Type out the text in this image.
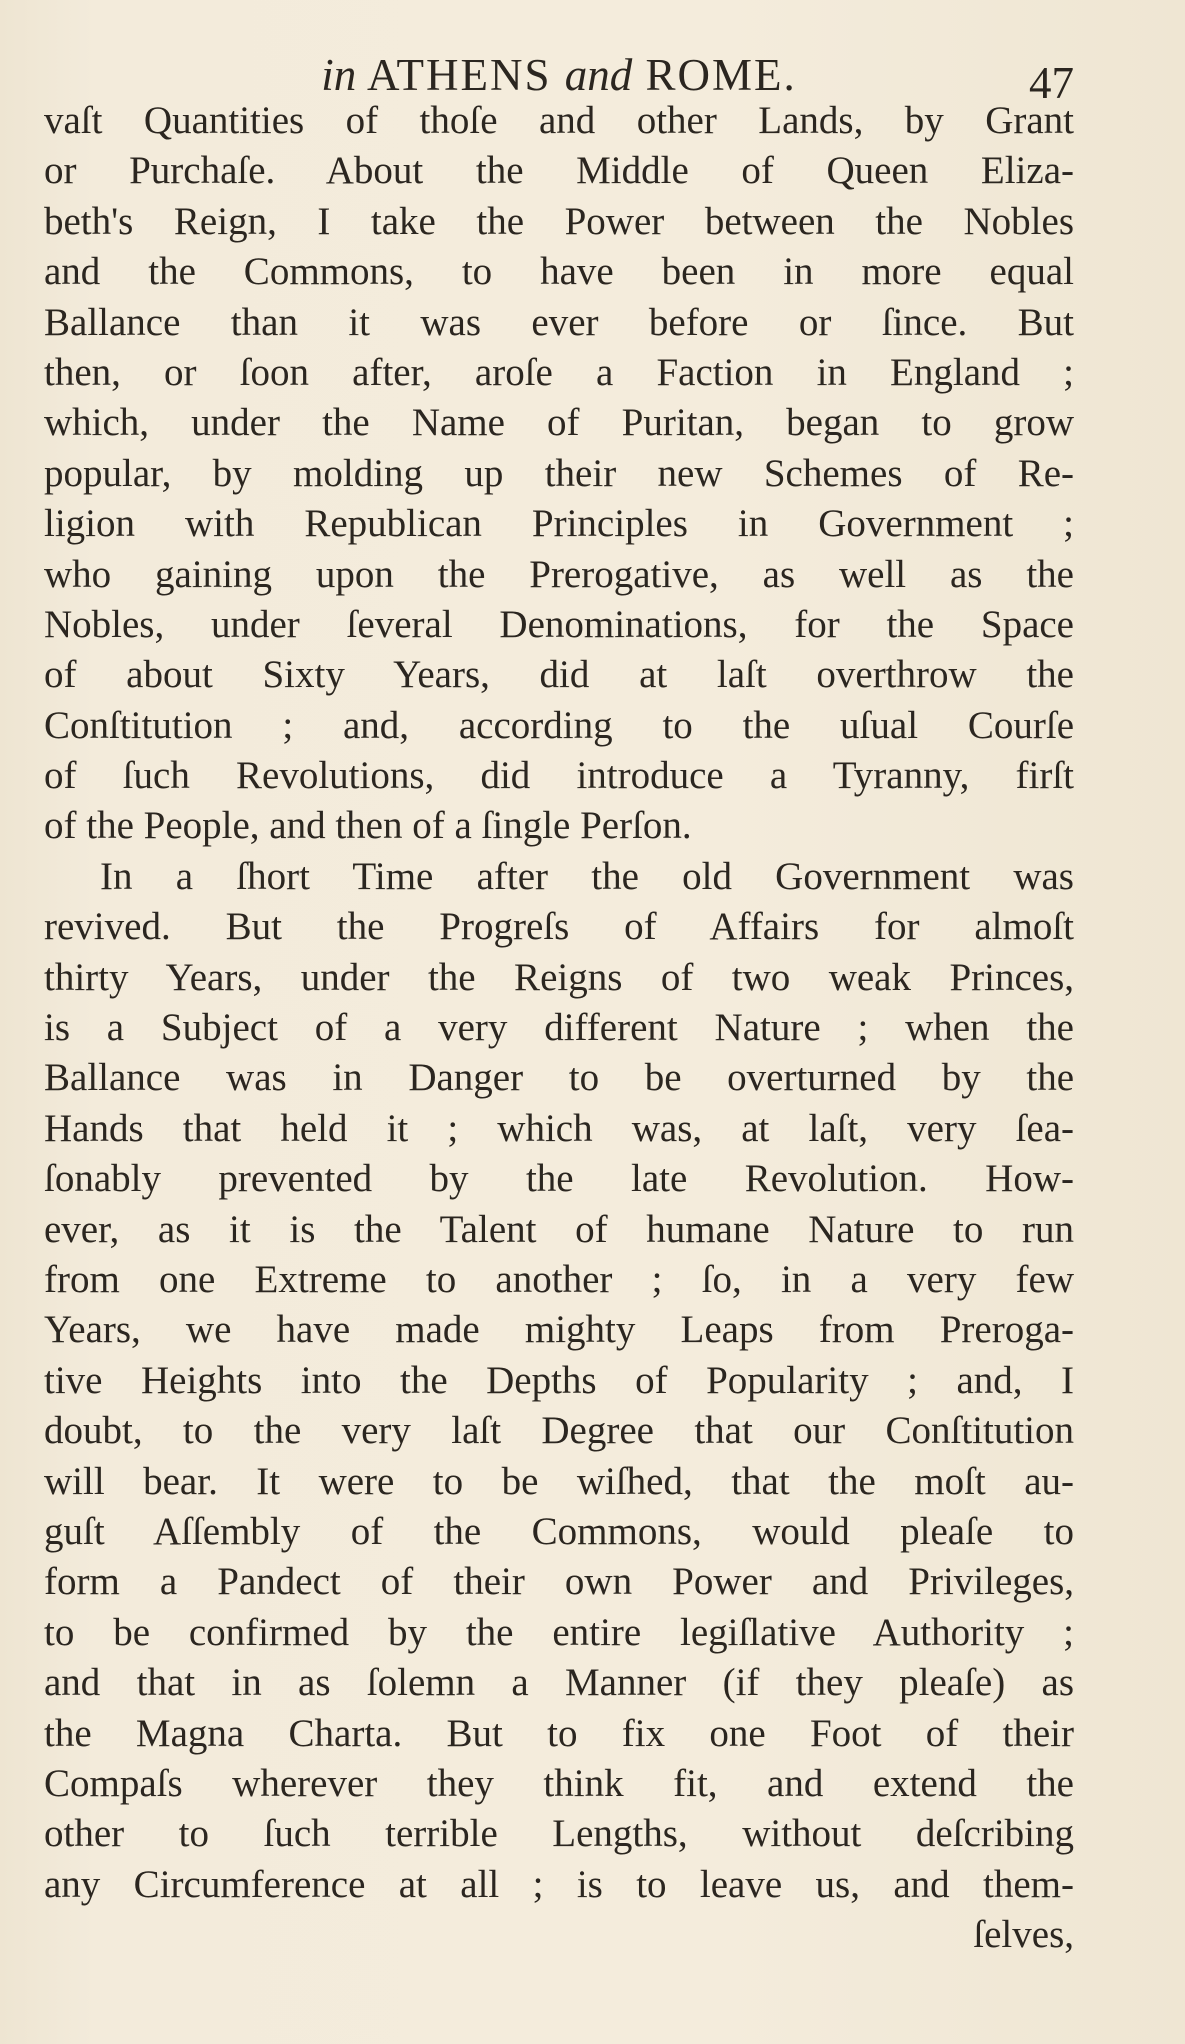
in ATHENS and ROME.	47
vaſt Quantities of thoſe and other Lands, by Grant
or Purchaſe. About the Middle of Queen Eliza-
beth's Reign, I take the Power between the Nobles
and the Commons, to have been in more equal
Ballance than it was ever before or ſince. But
then, or ſoon after, aroſe a Faction in England ;
which, under the Name of Puritan, began to grow
popular, by molding up their new Schemes of Re-
ligion with Republican Principles in Government ;
who gaining upon the Prerogative, as well as the
Nobles, under ſeveral Denominations, for the Space
of about Sixty Years, did at laſt overthrow the
Conſtitution ; and, according to the uſual Courſe
of ſuch Revolutions, did introduce a Tyranny, firſt
of the People, and then of a ſingle Perſon.
In a ſhort Time after the old Government was
revived. But the Progreſs of Affairs for almoſt
thirty Years, under the Reigns of two weak Princes,
is a Subject of a very different Nature ; when the
Ballance was in Danger to be overturned by the
Hands that held it ; which was, at laſt, very ſea-
ſonably prevented by the late Revolution. How-
ever, as it is the Talent of humane Nature to run
from one Extreme to another ; ſo, in a very few
Years, we have made mighty Leaps from Preroga-
tive Heights into the Depths of Popularity ; and, I
doubt, to the very laſt Degree that our Conſtitution
will bear. It were to be wiſhed, that the moſt au-
guſt Aſſembly of the Commons, would pleaſe to
form a Pandect of their own Power and Privileges,
to be confirmed by the entire legiſlative Authority ;
and that in as ſolemn a Manner (if they pleaſe) as
the Magna Charta. But to fix one Foot of their
Compaſs wherever they think fit, and extend the
other to ſuch terrible Lengths, without deſcribing
any Circumference at all ; is to leave us, and them-
ſelves,
